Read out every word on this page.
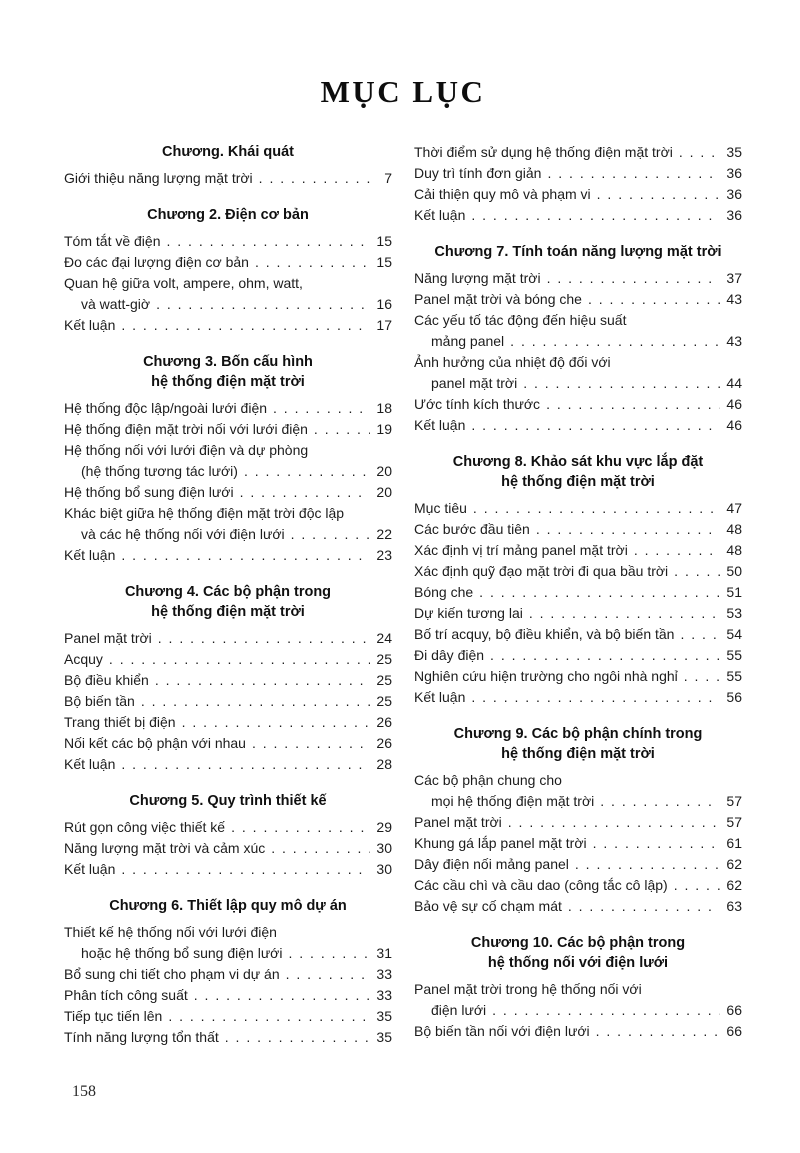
MỤC LỤC
Chương. Khái quát
Giới thiệu năng lượng mặt trời . . .	7
Chương 2. Điện cơ bản
Tóm tắt về điện . . .	15
Đo các đại lượng điện cơ bản . . .	15
Quan hệ giữa volt, ampere, ohm, watt,
và watt-giờ . . .	16
Kết luận . . .	17
Chương 3. Bốn cấu hình
hệ thống điện mặt trời
Hệ thống độc lập/ngoài lưới điện . . .	18
Hệ thống điện mặt trời nối với lưới điện . . .	19
Hệ thống nối với lưới điện và dự phòng
(hệ thống tương tác lưới) . . .	20
Hệ thống bổ sung điện lưới . . .	20
Khác biệt giữa hệ thống điện mặt trời độc lập
và các hệ thống nối với điện lưới . . .	22
Kết luận . . .	23
Chương 4. Các bộ phận trong
hệ thống điện mặt trời
Panel mặt trời . . .	24
Acquy . . .	25
Bộ điều khiển . . .	25
Bộ biến tần . . .	25
Trang thiết bị điện . . .	26
Nối kết các bộ phận với nhau . . .	26
Kết luận . . .	28
Chương 5. Quy trình thiết kế
Rút gọn công việc thiết kế . . .	29
Năng lượng mặt trời và cảm xúc . . .	30
Kết luận . . .	30
Chương 6. Thiết lập quy mô dự án
Thiết kế hệ thống nối với lưới điện
hoặc hệ thống bổ sung điện lưới . . .	31
Bổ sung chi tiết cho phạm vi dự án . . .	33
Phân tích công suất . . .	33
Tiếp tục tiến lên . . .	35
Tính năng lượng tổn thất . . .	35
Thời điểm sử dụng hệ thống điện mặt trời . . .	35
Duy trì tính đơn giản . . .	36
Cải thiện quy mô và phạm vi . . .	36
Kết luận . . .	36
Chương 7. Tính toán năng lượng mặt trời
Năng lượng mặt trời . . .	37
Panel mặt trời và bóng che . . .	43
Các yếu tố tác động đến hiệu suất
mảng panel . . .	43
Ảnh hưởng của nhiệt độ đối với
panel mặt trời . . .	44
Ước tính kích thước . . .	46
Kết luận . . .	46
Chương 8. Khảo sát khu vực lắp đặt
hệ thống điện mặt trời
Mục tiêu . . .	47
Các bước đầu tiên . . .	48
Xác định vị trí mảng panel mặt trời . . .	48
Xác định quỹ đạo mặt trời đi qua bầu trời . . .	50
Bóng che . . .	51
Dự kiến tương lai . . .	53
Bố trí acquy, bộ điều khiển, và bộ biến tần . . .	54
Đi dây điện . . .	55
Nghiên cứu hiện trường cho ngôi nhà nghỉ . . .	55
Kết luận . . .	56
Chương 9. Các bộ phận chính trong
hệ thống điện mặt trời
Các bộ phận chung cho
mọi hệ thống điện mặt trời . . .	57
Panel mặt trời . . .	57
Khung gá lắp panel mặt trời . . .	61
Dây điện nối mảng panel . . .	62
Các cầu chì và cầu dao (công tắc cô lập) . . .	62
Bảo vệ sự cố chạm mát . . .	63
Chương 10. Các bộ phận trong
hệ thống nối với điện lưới
Panel mặt trời trong hệ thống nối với
điện lưới . . .	66
Bộ biến tần nối với điện lưới . . .	66
158
